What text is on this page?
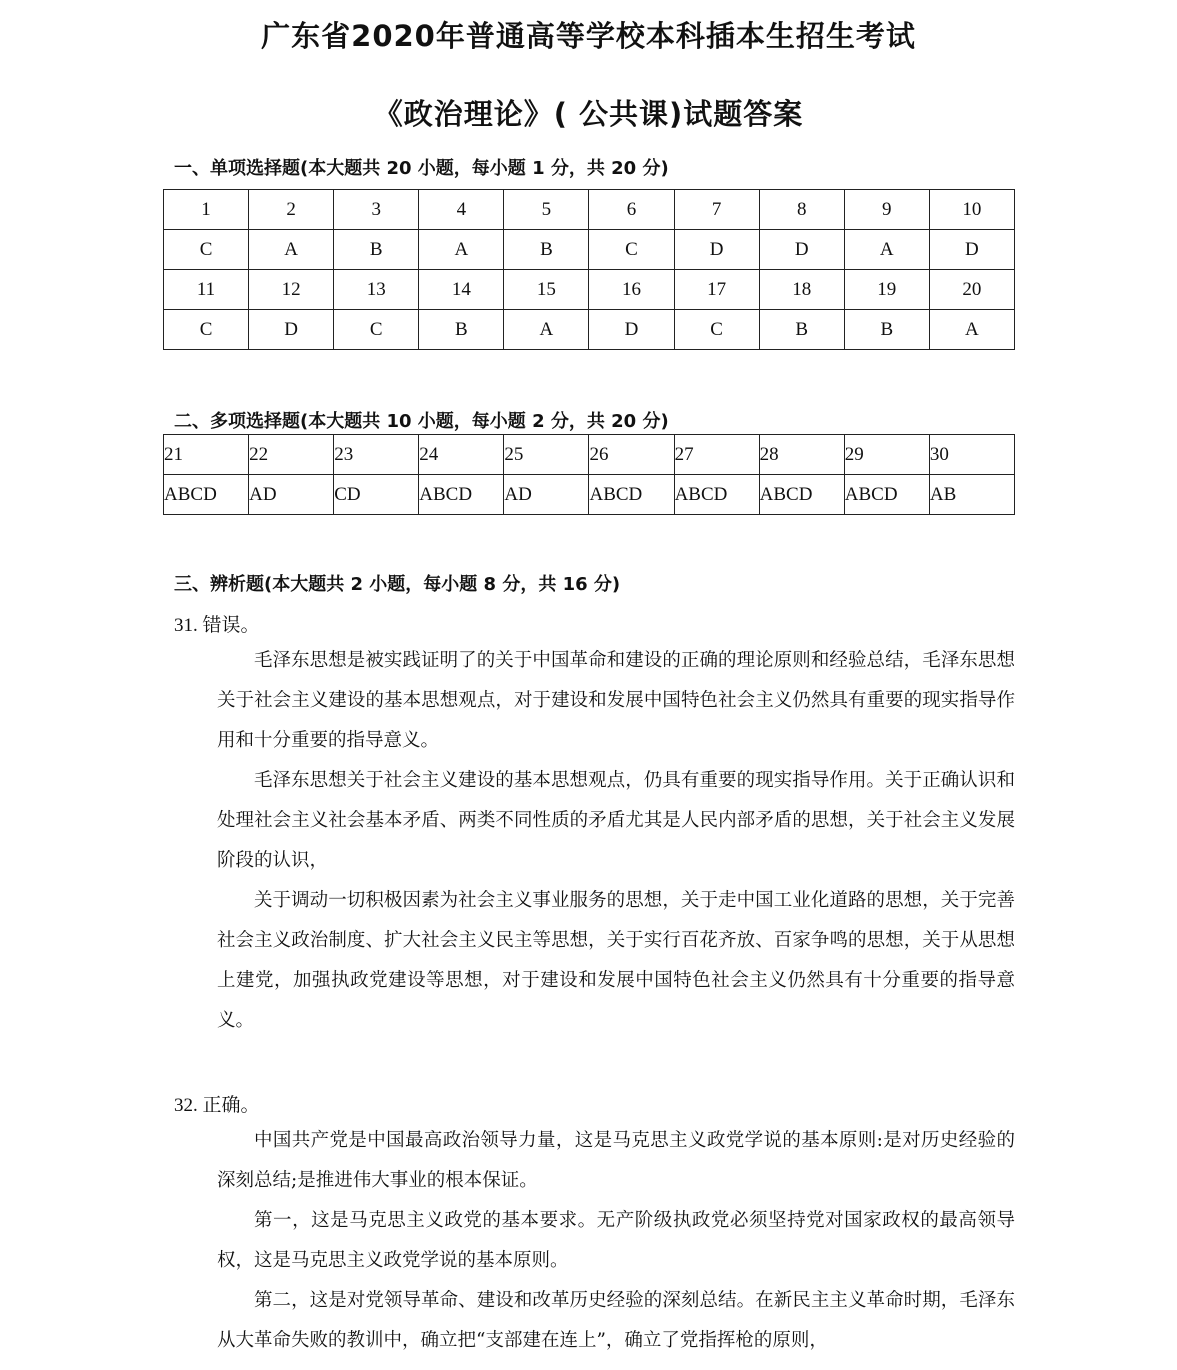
广东省2020年普通高等学校本科插本生招生考试
《政治理论》( 公共课)试题答案
一、单项选择题(本大题共 20 小题，每小题 1 分，共 20 分)
1	2	3	4	5	6	7	8	9	10
C	A	B	A	B	C	D	D	A	D
11	12	13	14	15	16	17	18	19	20
C	D	C	B	A	D	C	B	B	A
二、多项选择题(本大题共 10 小题，每小题 2 分，共 20 分)
21	22	23	24	25	26	27	28	29	30
ABCD	AD	CD	ABCD	AD	ABCD	ABCD	ABCD	ABCD	AB
三、辨析题(本大题共 2 小题，每小题 8 分，共 16 分)

31. 错误。

毛泽东思想是被实践证明了的关于中国革命和建设的正确的理论原则和经验总结，毛泽东思想关于社会主义建设的基本思想观点，对于建设和发展中国特色社会主义仍然具有重要的现实指导作用和十分重要的指导意义。

毛泽东思想关于社会主义建设的基本思想观点，仍具有重要的现实指导作用。关于正确认识和处理社会主义社会基本矛盾、两类不同性质的矛盾尤其是人民内部矛盾的思想，关于社会主义发展阶段的认识，

关于调动一切积极因素为社会主义事业服务的思想，关于走中国工业化道路的思想，关于完善社会主义政治制度、扩大社会主义民主等思想，关于实行百花齐放、百家争鸣的思想，关于从思想上建党，加强执政党建设等思想，对于建设和发展中国特色社会主义仍然具有十分重要的指导意义。

32. 正确。

中国共产党是中国最高政治领导力量，这是马克思主义政党学说的基本原则:是对历史经验的深刻总结;是推进伟大事业的根本保证。

第一，这是马克思主义政党的基本要求。无产阶级执政党必须坚持党对国家政权的最高领导权，这是马克思主义政党学说的基本原则。

第二，这是对党领导革命、建设和改革历史经验的深刻总结。在新民主主义革命时期，毛泽东从大革命失败的教训中，确立把“支部建在连上”，确立了党指挥枪的原则，
